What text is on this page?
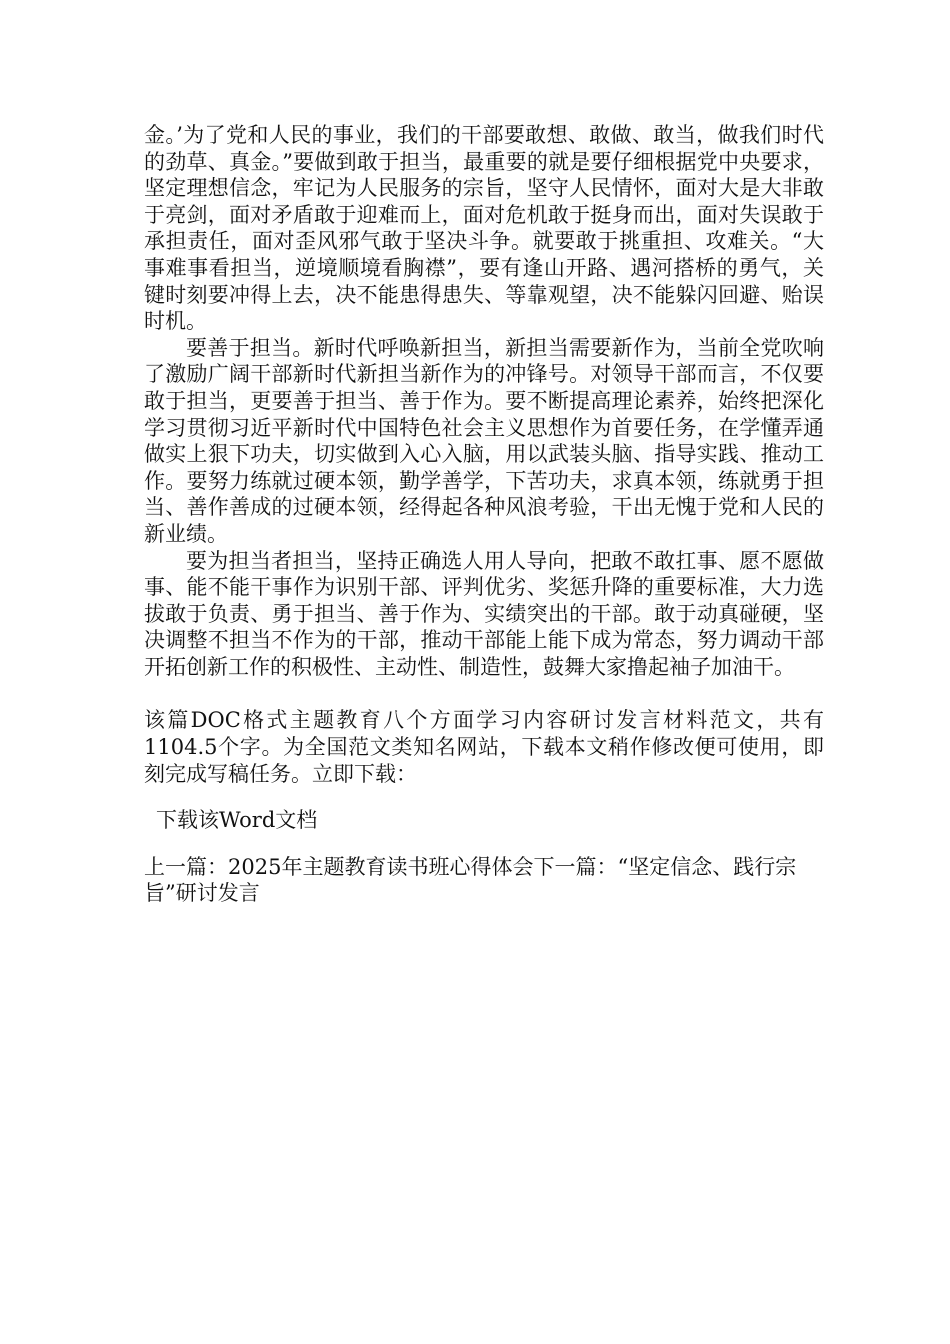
金。’为了党和人民的事业，我们的干部要敢想、敢做、敢当，做我们时代的劲草、真金。”要做到敢于担当，最重要的就是要仔细根据党中央要求，坚定理想信念，牢记为人民服务的宗旨，坚守人民情怀，面对大是大非敢于亮剑，面对矛盾敢于迎难而上，面对危机敢于挺身而出，面对失误敢于承担责任，面对歪风邪气敢于坚决斗争。就要敢于挑重担、攻难关。“大事难事看担当，逆境顺境看胸襟”，要有逢山开路、遇河搭桥的勇气，关键时刻要冲得上去，决不能患得患失、等靠观望，决不能躲闪回避、贻误时机。

要善于担当。新时代呼唤新担当，新担当需要新作为，当前全党吹响了激励广阔干部新时代新担当新作为的冲锋号。对领导干部而言，不仅要敢于担当，更要善于担当、善于作为。要不断提高理论素养，始终把深化学习贯彻习近平新时代中国特色社会主义思想作为首要任务，在学懂弄通做实上狠下功夫，切实做到入心入脑，用以武装头脑、指导实践、推动工作。要努力练就过硬本领，勤学善学，下苦功夫，求真本领，练就勇于担当、善作善成的过硬本领，经得起各种风浪考验，干出无愧于党和人民的新业绩。

要为担当者担当，坚持正确选人用人导向，把敢不敢扛事、愿不愿做事、能不能干事作为识别干部、评判优劣、奖惩升降的重要标准，大力选拔敢于负责、勇于担当、善于作为、实绩突出的干部。敢于动真碰硬，坚决调整不担当不作为的干部，推动干部能上能下成为常态，努力调动干部开拓创新工作的积极性、主动性、制造性，鼓舞大家撸起袖子加油干。

该篇DOC格式主题教育八个方面学习内容研讨发言材料范文，共有1104.5个字。为全国范文类知名网站，下载本文稍作修改便可使用，即刻完成写稿任务。立即下载：

下载该Word文档
上一篇：2025年主题教育读书班心得体会下一篇：“坚定信念、践行宗旨”研讨发言
